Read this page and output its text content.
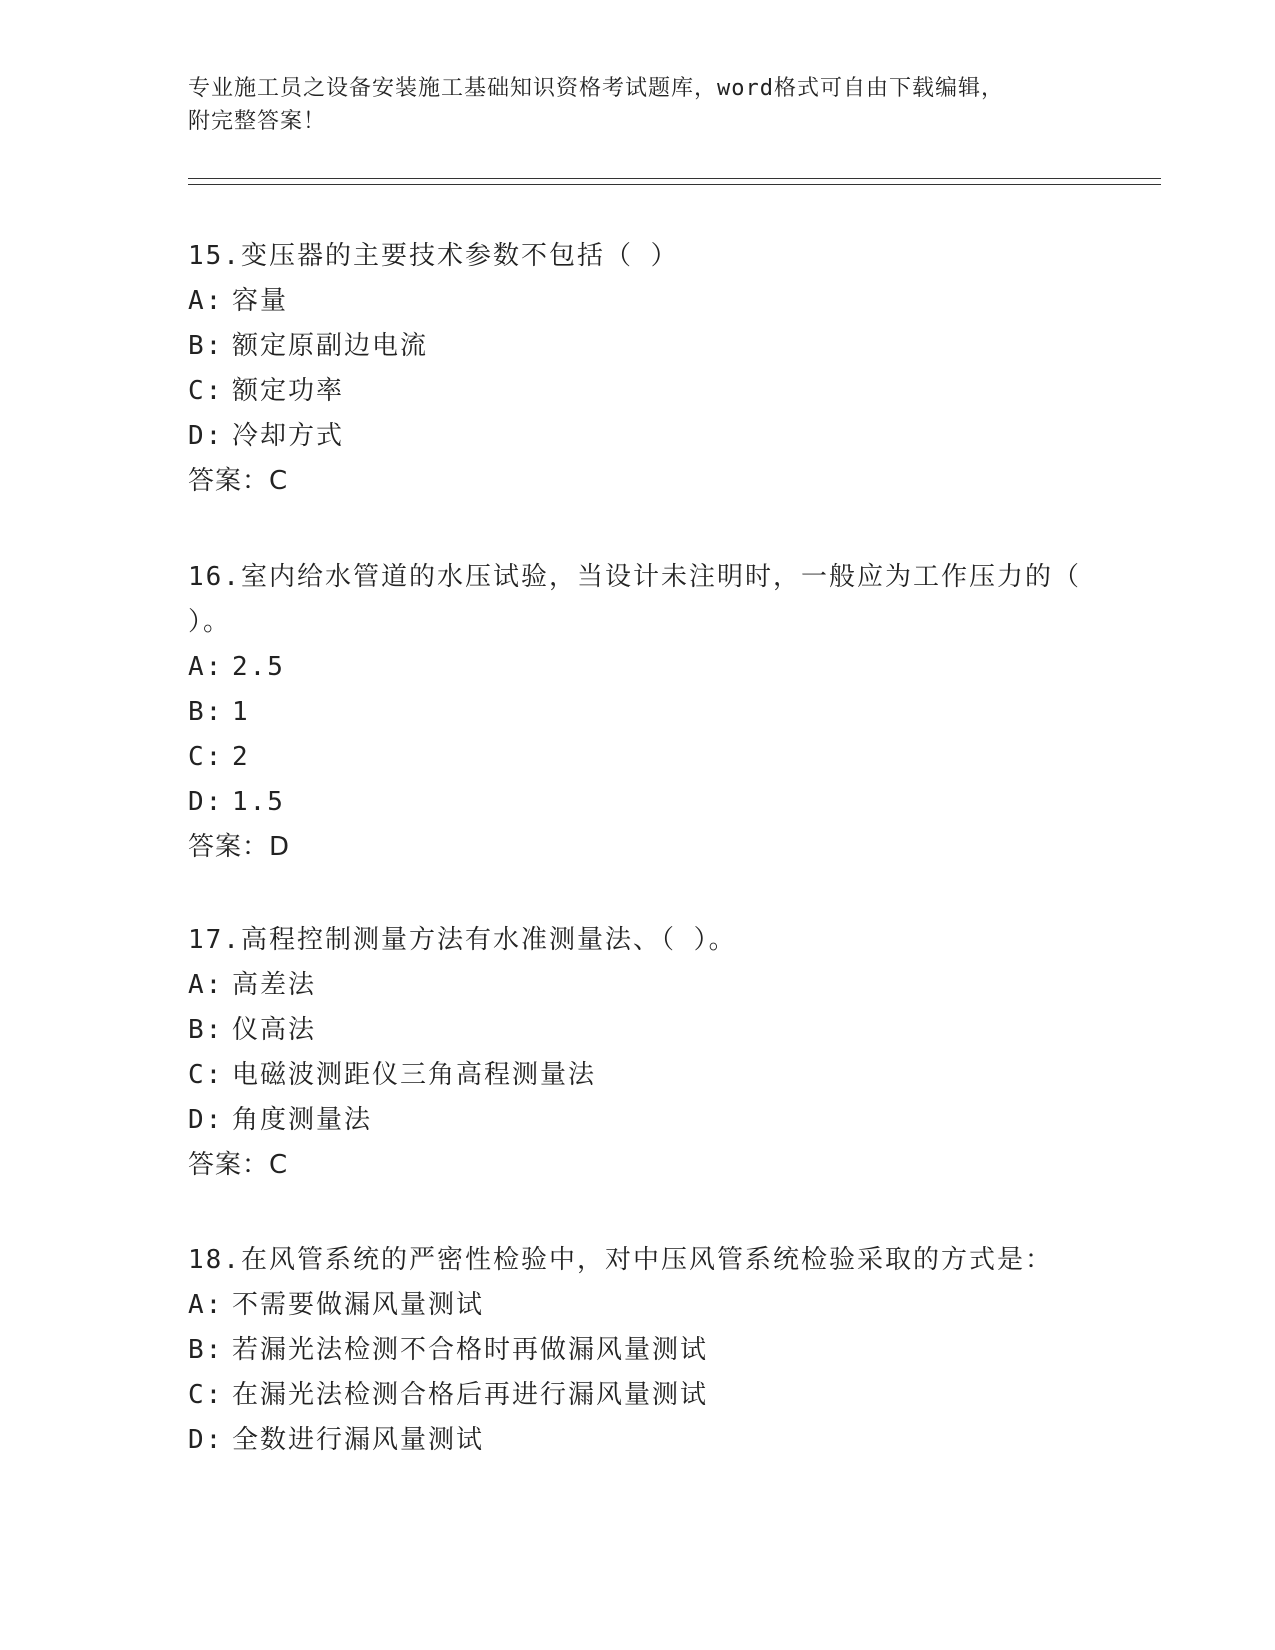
专业施工员之设备安装施工基础知识资格考试题库，word格式可自由下载编辑，
附完整答案！
15.变压器的主要技术参数不包括（ ）
A: 容量
B: 额定原副边电流
C: 额定功率
D: 冷却方式
答案：C
16.室内给水管道的水压试验，当设计未注明时，一般应为工作压力的（ ）。
A: 2.5
B: 1
C: 2
D: 1.5
答案：D
17.高程控制测量方法有水准测量法、（ ）。
A: 高差法
B: 仪高法
C: 电磁波测距仪三角高程测量法
D: 角度测量法
答案：C
18.在风管系统的严密性检验中，对中压风管系统检验采取的方式是：
A: 不需要做漏风量测试
B: 若漏光法检测不合格时再做漏风量测试
C: 在漏光法检测合格后再进行漏风量测试
D: 全数进行漏风量测试
